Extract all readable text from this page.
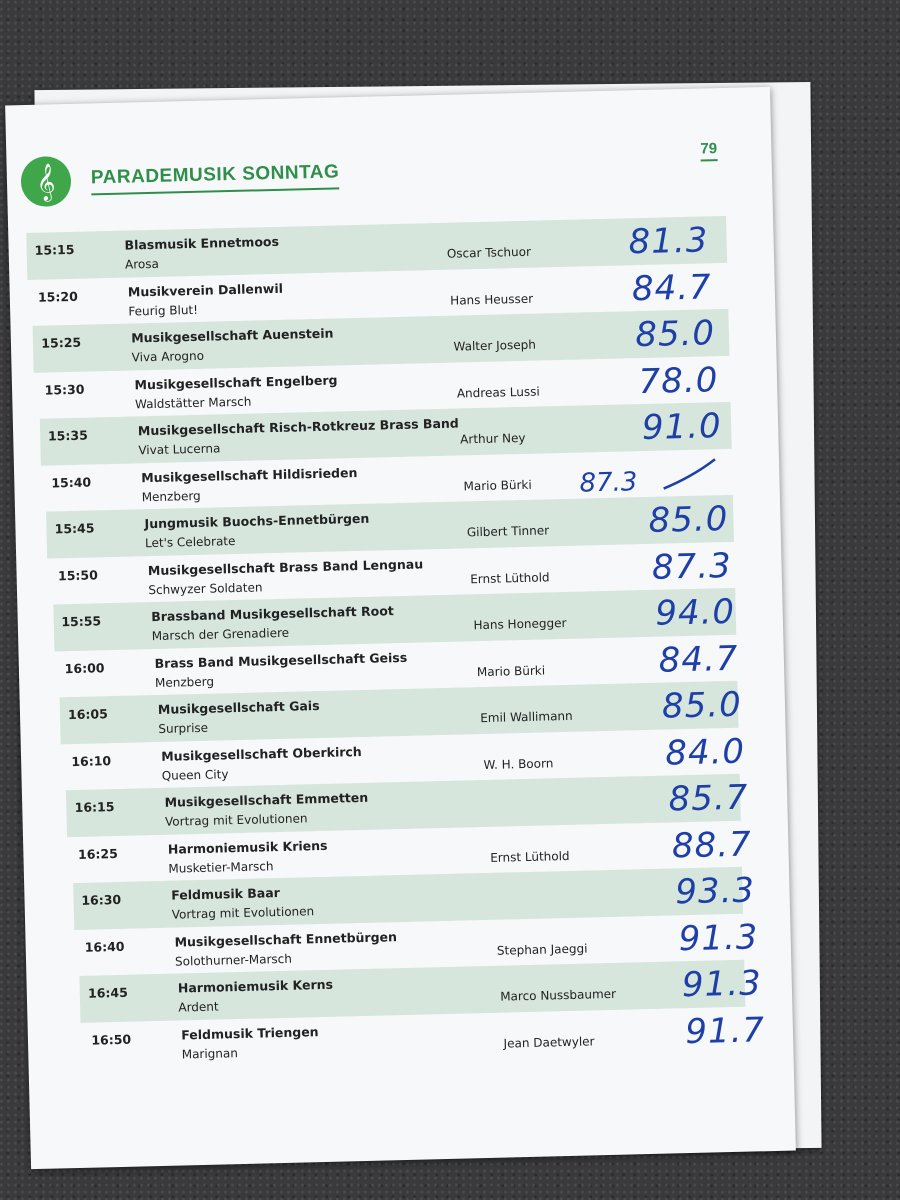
𝄞	PARADEMUSIK SONNTAG
79
15:15	Blasmusik Ennetmoos
Arosa
Oscar Tschuor	81.3
15:20	Musikverein Dallenwil
Feurig Blut!
Hans Heusser	84.7
15:25	Musikgesellschaft Auenstein
Viva Arogno
Walter Joseph	85.0
15:30	Musikgesellschaft Engelberg
Waldstätter Marsch
Andreas Lussi	78.0
15:35	Musikgesellschaft Risch-Rotkreuz Brass Band
Vivat Lucerna
Arthur Ney	91.0
15:40	Musikgesellschaft Hildisrieden
Menzberg
Mario Bürki 87.3
15:45	Jungmusik Buochs-Ennetbürgen
Let's Celebrate
Gilbert Tinner	85.0
15:50	Musikgesellschaft Brass Band Lengnau
Schwyzer Soldaten
Ernst Lüthold	87.3
15:55	Brassband Musikgesellschaft Root
Marsch der Grenadiere
Hans Honegger	94.0
16:00	Brass Band Musikgesellschaft Geiss
Menzberg
Mario Bürki	84.7
16:05	Musikgesellschaft Gais
Surprise
Emil Wallimann	85.0
16:10	Musikgesellschaft Oberkirch
Queen City
W. H. Boorn	84.0
16:15	Musikgesellschaft Emmetten
Vortrag mit Evolutionen
85.7
16:25	Harmoniemusik Kriens
Musketier-Marsch
Ernst Lüthold	88.7
16:30	Feldmusik Baar
Vortrag mit Evolutionen
93.3
16:40	Musikgesellschaft Ennetbürgen
Solothurner-Marsch
Stephan Jaeggi	91.3
16:45	Harmoniemusik Kerns
Ardent
Marco Nussbaumer 91.3
16:50	Feldmusik Triengen
Marignan
Jean Daetwyler	91.7
